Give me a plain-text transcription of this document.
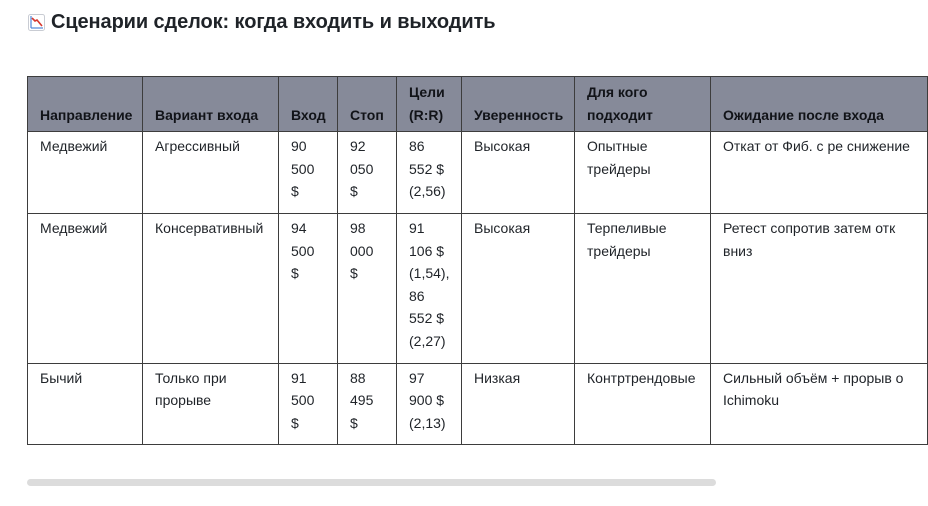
Сценарии сделок: когда входить и выходить
Направление	Вариант входа	Вход	Стоп	Цели (R:R)	Уверенность	Для кого подходит	Ожидание после входа
Медвежий	Агрессивный	90 500 $	92 050 $	86 552 $ (2,56)	Высокая	Опытные трейдеры	Откат от Фиб. с ре снижение
Медвежий	Консервативный	94 500 $	98 000 $	91 106 $ (1,54), 86 552 $ (2,27)	Высокая	Терпеливые трейдеры	Ретест сопротив затем отк вниз
Бычий	Только при прорыве	91 500 $	88 495 $	97 900 $ (2,13)	Низкая	Контртрендовые	Сильный объём + прорыв о Ichimoku
